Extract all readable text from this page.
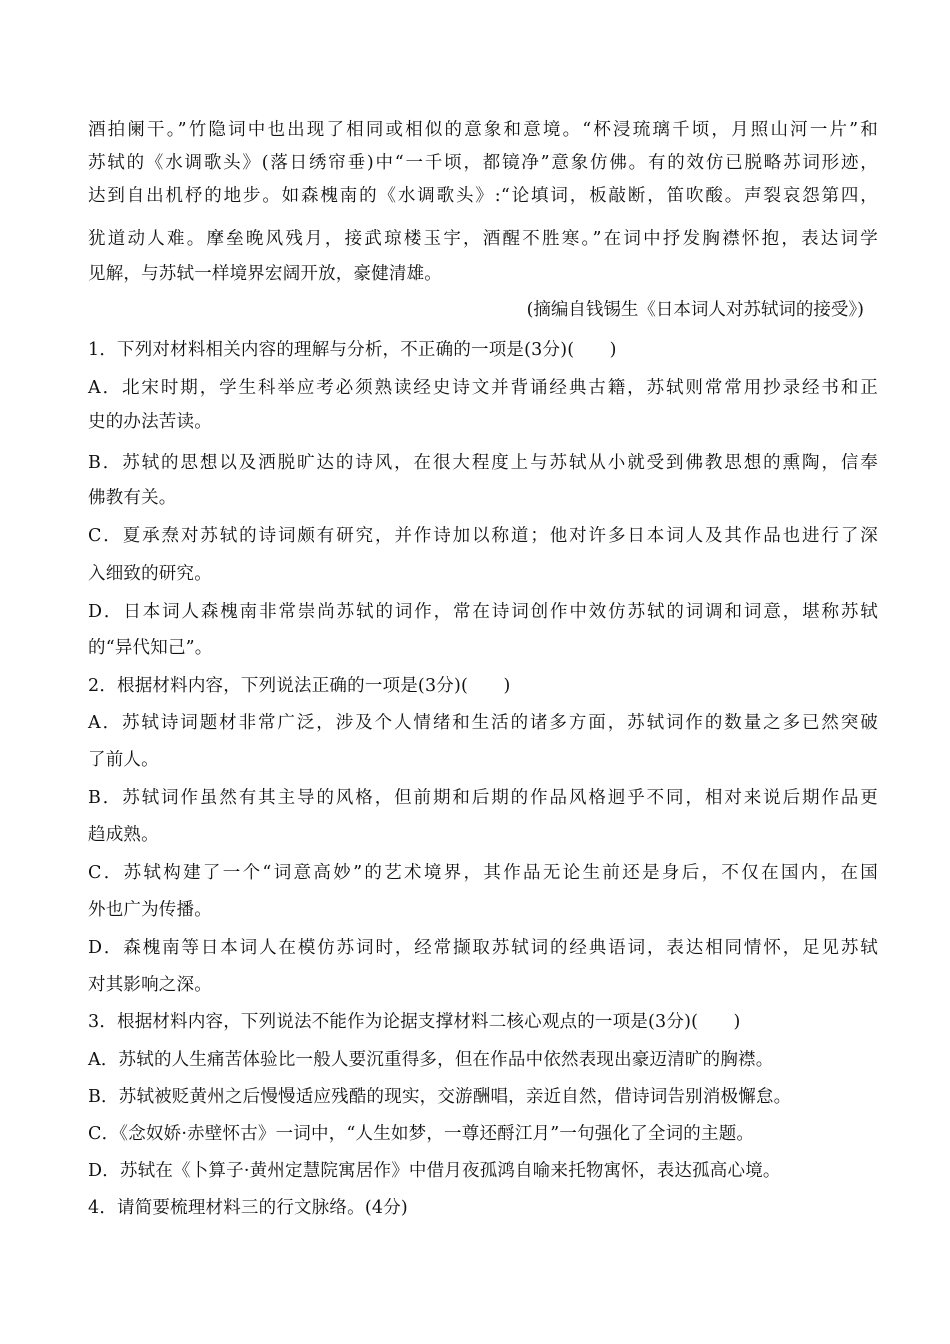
酒拍阑干。”竹隐词中也出现了相同或相似的意象和意境。“杯浸琉璃千顷，月照山河一片”和
苏轼的《水调歌头》(落日绣帘垂)中“一千顷，都镜净”意象仿佛。有的效仿已脱略苏词形迹，
达到自出机杼的地步。如森槐南的《水调歌头》:“论填词，板敲断，笛吹酸。声裂哀怨第四，
犹道动人难。摩垒晚风残月，接武琼楼玉宇，酒醒不胜寒。”在词中抒发胸襟怀抱，表达词学
见解，与苏轼一样境界宏阔开放，豪健清雄。
(摘编自钱锡生《日本词人对苏轼词的接受》)
1．下列对材料相关内容的理解与分析，不正确的一项是(3分)(　　)
A．北宋时期，学生科举应考必须熟读经史诗文并背诵经典古籍，苏轼则常常用抄录经书和正
史的办法苦读。
B．苏轼的思想以及洒脱旷达的诗风，在很大程度上与苏轼从小就受到佛教思想的熏陶，信奉
佛教有关。
C．夏承焘对苏轼的诗词颇有研究，并作诗加以称道；他对许多日本词人及其作品也进行了深
入细致的研究。
D．日本词人森槐南非常崇尚苏轼的词作，常在诗词创作中效仿苏轼的词调和词意，堪称苏轼
的“异代知己”。
2．根据材料内容，下列说法正确的一项是(3分)(　　)
A．苏轼诗词题材非常广泛，涉及个人情绪和生活的诸多方面，苏轼词作的数量之多已然突破
了前人。
B．苏轼词作虽然有其主导的风格，但前期和后期的作品风格迥乎不同，相对来说后期作品更
趋成熟。
C．苏轼构建了一个“词意高妙”的艺术境界，其作品无论生前还是身后，不仅在国内，在国
外也广为传播。
D．森槐南等日本词人在模仿苏词时，经常撷取苏轼词的经典语词，表达相同情怀，足见苏轼
对其影响之深。
3．根据材料内容，下列说法不能作为论据支撑材料二核心观点的一项是(3分)(　　)
A．苏轼的人生痛苦体验比一般人要沉重得多，但在作品中依然表现出豪迈清旷的胸襟。
B．苏轼被贬黄州之后慢慢适应残酷的现实，交游酬唱，亲近自然，借诗词告别消极懈怠。
C．《念奴娇·赤壁怀古》一词中，“人生如梦，一尊还酹江月”一句强化了全词的主题。
D．苏轼在《卜算子·黄州定慧院寓居作》中借月夜孤鸿自喻来托物寓怀，表达孤高心境。
4．请简要梳理材料三的行文脉络。(4分)
